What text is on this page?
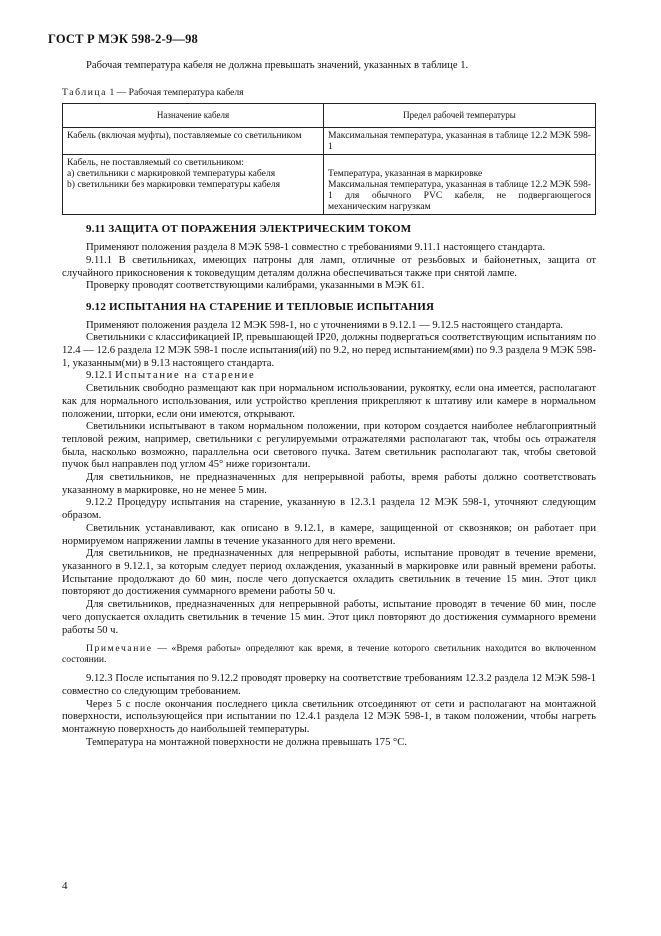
ГОСТ Р МЭК 598-2-9—98

Рабочая температура кабеля не должна превышать значений, указанных в таблице 1.

Таблица 1 — Рабочая температура кабеля
Назначение кабеля	Предел рабочей температуры
Кабель (включая муфты), поставляемые со светильником	Максимальная температура, указанная в таблице 12.2 МЭК 598-1

Кабель, не поставляемый со светильником:
а) светильники с маркировкой температуры кабеля
b) светильники без маркировки температуры кабеля	Температура, указанная в маркировке
Максимальная температура, указанная в таблице 12.2 МЭК 598-1 для обычного PVC кабеля, не подвергающегося механическим нагрузкам
9.11 ЗАЩИТА ОТ ПОРАЖЕНИЯ ЭЛЕКТРИЧЕСКИМ ТОКОМ

Применяют положения раздела 8 МЭК 598-1 совместно с требованиями 9.11.1 настоящего стандарта.

9.11.1 В светильниках, имеющих патроны для ламп, отличные от резьбовых и байонетных, защита от случайного прикосновения к токоведущим деталям должна обеспечиваться также при снятой лампе.

Проверку проводят соответствующими калибрами, указанными в МЭК 61.

9.12 ИСПЫТАНИЯ НА СТАРЕНИЕ И ТЕПЛОВЫЕ ИСПЫТАНИЯ

Применяют положения раздела 12 МЭК 598-1, но с уточнениями в 9.12.1 — 9.12.5 настоящего стандарта.

Светильники с классификацией IP, превышающей IP20, должны подвергаться соответствующим испытаниям по 12.4 — 12.6 раздела 12 МЭК 598-1 после испытания(ий) по 9.2, но перед испытанием(ями) по 9.3 раздела 9 МЭК 598-1, указанным(ми) в 9.13 настоящего стандарта.

9.12.1 Испытание на старение

Светильник свободно размещают как при нормальном использовании, рукоятку, если она имеется, располагают как для нормального использования, или устройство крепления прикрепляют к штативу или камере в нормальном положении, шторки, если они имеются, открывают.

Светильники испытывают в таком нормальном положении, при котором создается наиболее неблагоприятный тепловой режим, например, светильники с регулируемыми отражателями располагают так, чтобы ось отражателя была, насколько возможно, параллельна оси светового пучка. Затем светильник располагают так, чтобы световой пучок был направлен под углом 45° ниже горизонтали.

Для светильников, не предназначенных для непрерывной работы, время работы должно соответствовать указанному в маркировке, но не менее 5 мин.

9.12.2 Процедуру испытания на старение, указанную в 12.3.1 раздела 12 МЭК 598-1, уточняют следующим образом.

Светильник устанавливают, как описано в 9.12.1, в камере, защищенной от сквозняков; он работает при нормируемом напряжении лампы в течение указанного для него времени.

Для светильников, не предназначенных для непрерывной работы, испытание проводят в течение времени, указанного в 9.12.1, за которым следует период охлаждения, указанный в маркировке или равный времени работы. Испытание продолжают до 60 мин, после чего допускается охладить светильник в течение 15 мин. Этот цикл повторяют до достижения суммарного времени работы 50 ч.

Для светильников, предназначенных для непрерывной работы, испытание проводят в течение 60 мин, после чего допускается охладить светильник в течение 15 мин. Этот цикл повторяют до достижения суммарного времени работы 50 ч.

Примечание — «Время работы» определяют как время, в течение которого светильник находится во включенном состоянии.

9.12.3 После испытания по 9.12.2 проводят проверку на соответствие требованиям 12.3.2 раздела 12 МЭК 598-1 совместно со следующим требованием.

Через 5 с после окончания последнего цикла светильник отсоединяют от сети и располагают на монтажной поверхности, использующейся при испытании по 12.4.1 раздела 12 МЭК 598-1, в таком положении, чтобы нагреть монтажную поверхность до наибольшей температуры.

Температура на монтажной поверхности не должна превышать 175 °C.

4
